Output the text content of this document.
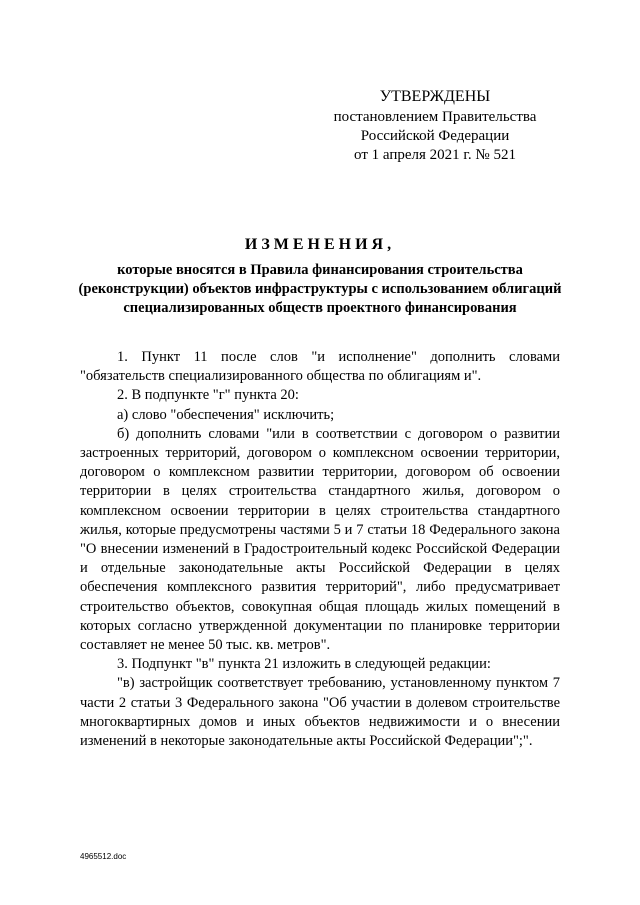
УТВЕРЖДЕНЫ
постановлением Правительства
Российской Федерации
от 1 апреля 2021 г. № 521
ИЗМЕНЕНИЯ,
которые вносятся в Правила финансирования строительства (реконструкции) объектов инфраструктуры с использованием облигаций специализированных обществ проектного финансирования

1. Пункт 11 после слов "и исполнение" дополнить словами "обязательств специализированного общества по облигациям и".

2. В подпункте "г" пункта 20:

а) слово "обеспечения" исключить;

б) дополнить словами "или в соответствии с договором о развитии застроенных территорий, договором о комплексном освоении территории, договором о комплексном развитии территории, договором об освоении территории в целях строительства стандартного жилья, договором о комплексном освоении территории в целях строительства стандартного жилья, которые предусмотрены частями 5 и 7 статьи 18 Федерального закона "О внесении изменений в Градостроительный кодекс Российской Федерации и отдельные законодательные акты Российской Федерации в целях обеспечения комплексного развития территорий", либо предусматривает строительство объектов, совокупная общая площадь жилых помещений в которых согласно утвержденной документации по планировке территории составляет не менее 50 тыс. кв. метров".

3. Подпункт "в" пункта 21 изложить в следующей редакции:

"в) застройщик соответствует требованию, установленному пунктом 7 части 2 статьи 3 Федерального закона "Об участии в долевом строительстве многоквартирных домов и иных объектов недвижимости и о внесении изменений в некоторые законодательные акты Российской Федерации";".

4965512.doc
